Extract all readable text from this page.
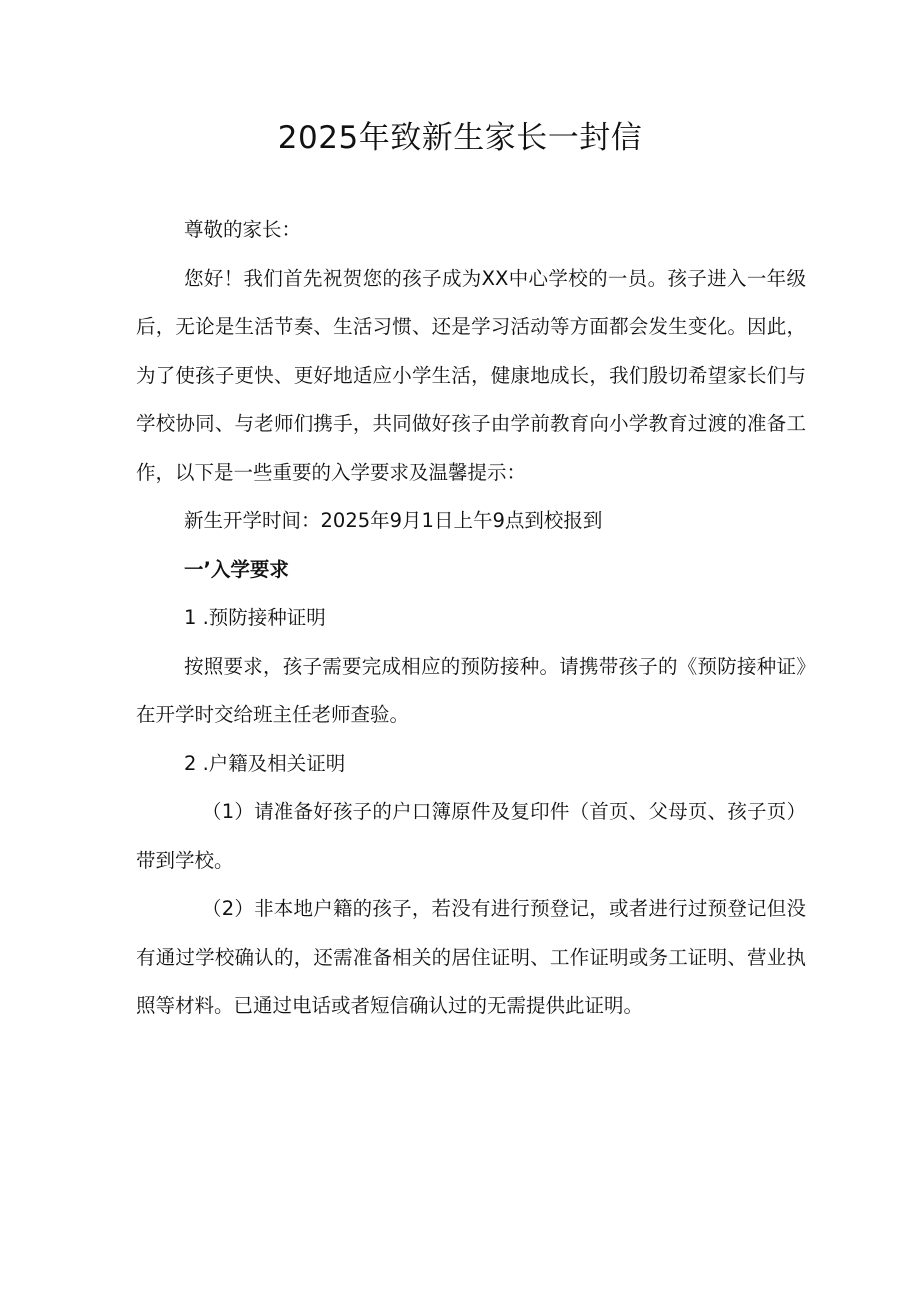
2025年致新生家长一封信

尊敬的家长：

您好！我们首先祝贺您的孩子成为XX中心学校的一员。孩子进入一年级后，无论是生活节奏、生活习惯、还是学习活动等方面都会发生变化。因此，为了使孩子更快、更好地适应小学生活，健康地成长，我们殷切希望家长们与学校协同、与老师们携手，共同做好孩子由学前教育向小学教育过渡的准备工作，以下是一些重要的入学要求及温馨提示：

新生开学时间：2025年9月1日上午9点到校报到

一’入学要求

1 .预防接种证明

按照要求，孩子需要完成相应的预防接种。请携带孩子的《预防接种证》在开学时交给班主任老师查验。

2 .户籍及相关证明

（1）请准备好孩子的户口簿原件及复印件（首页、父母页、孩子页）带到学校。

（2）非本地户籍的孩子，若没有进行预登记，或者进行过预登记但没有通过学校确认的，还需准备相关的居住证明、工作证明或务工证明、营业执照等材料。已通过电话或者短信确认过的无需提供此证明。
